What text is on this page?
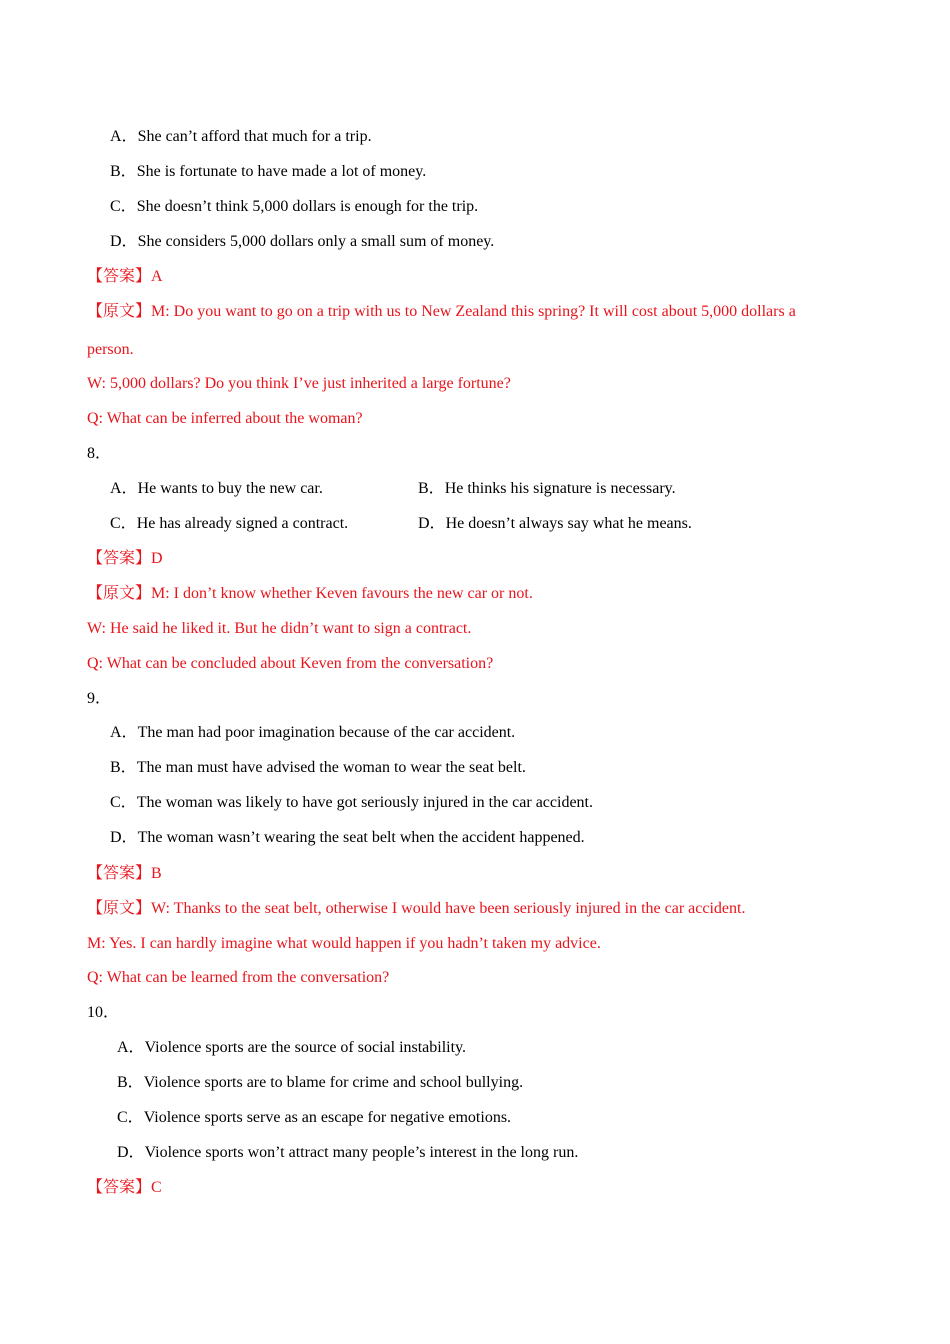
A．She can’t afford that much for a trip.
B．She is fortunate to have made a lot of money.
C．She doesn’t think 5,000 dollars is enough for the trip.
D．She considers 5,000 dollars only a small sum of money.
【答案】A
【原文】M: Do you want to go on a trip with us to New Zealand this spring? It will cost about 5,000 dollars a
person.
W: 5,000 dollars? Do you think I’ve just inherited a large fortune?
Q: What can be inferred about the woman?
8．
A．He wants to buy the new car.	B．He thinks his signature is necessary.
C．He has already signed a contract.	D．He doesn’t always say what he means.
【答案】D
【原文】M: I don’t know whether Keven favours the new car or not.
W: He said he liked it. But he didn’t want to sign a contract.
Q: What can be concluded about Keven from the conversation?
9．
A．The man had poor imagination because of the car accident.
B．The man must have advised the woman to wear the seat belt.
C．The woman was likely to have got seriously injured in the car accident.
D．The woman wasn’t wearing the seat belt when the accident happened.
【答案】B
【原文】W: Thanks to the seat belt, otherwise I would have been seriously injured in the car accident.
M: Yes. I can hardly imagine what would happen if you hadn’t taken my advice.
Q: What can be learned from the conversation?
10．
A．Violence sports are the source of social instability.
B．Violence sports are to blame for crime and school bullying.
C．Violence sports serve as an escape for negative emotions.
D．Violence sports won’t attract many people’s interest in the long run.
【答案】C
